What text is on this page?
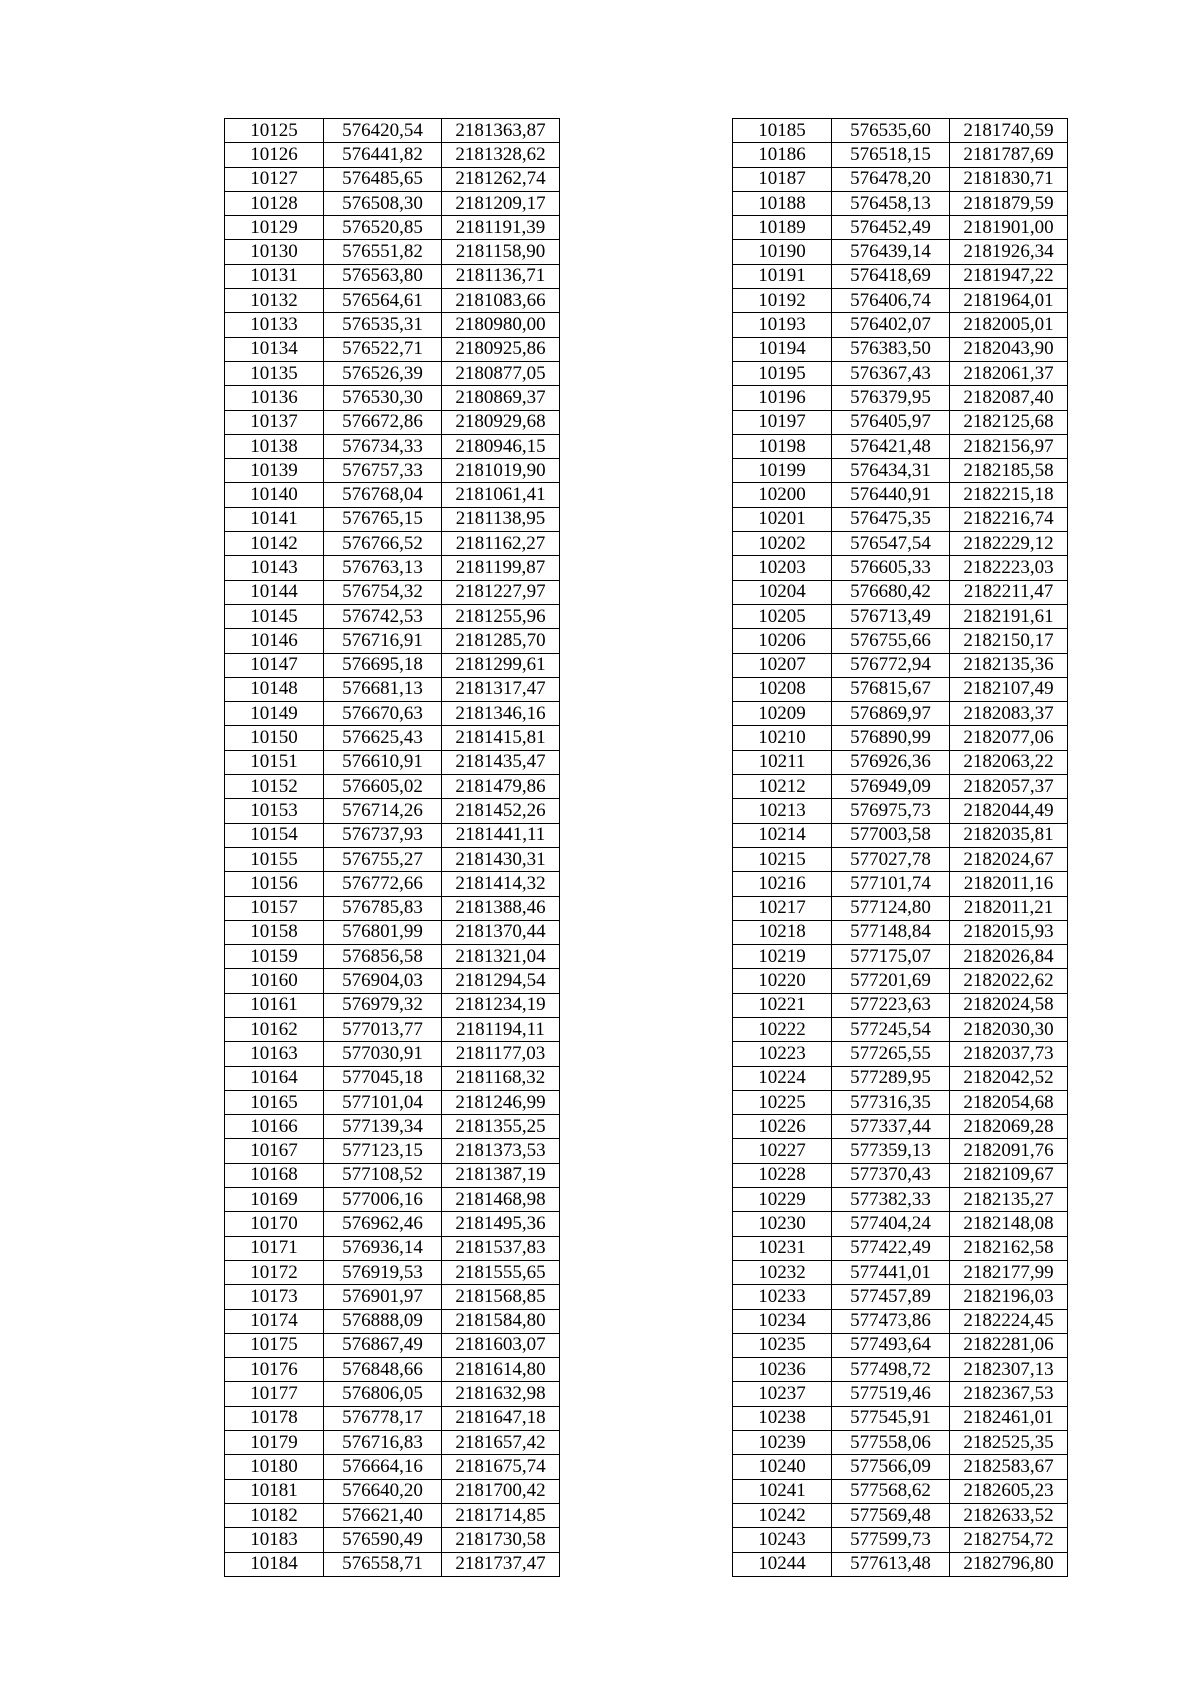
10125	576420,54	2181363,87
10126	576441,82	2181328,62
10127	576485,65	2181262,74
10128	576508,30	2181209,17
10129	576520,85	2181191,39
10130	576551,82	2181158,90
10131	576563,80	2181136,71
10132	576564,61	2181083,66
10133	576535,31	2180980,00
10134	576522,71	2180925,86
10135	576526,39	2180877,05
10136	576530,30	2180869,37
10137	576672,86	2180929,68
10138	576734,33	2180946,15
10139	576757,33	2181019,90
10140	576768,04	2181061,41
10141	576765,15	2181138,95
10142	576766,52	2181162,27
10143	576763,13	2181199,87
10144	576754,32	2181227,97
10145	576742,53	2181255,96
10146	576716,91	2181285,70
10147	576695,18	2181299,61
10148	576681,13	2181317,47
10149	576670,63	2181346,16
10150	576625,43	2181415,81
10151	576610,91	2181435,47
10152	576605,02	2181479,86
10153	576714,26	2181452,26
10154	576737,93	2181441,11
10155	576755,27	2181430,31
10156	576772,66	2181414,32
10157	576785,83	2181388,46
10158	576801,99	2181370,44
10159	576856,58	2181321,04
10160	576904,03	2181294,54
10161	576979,32	2181234,19
10162	577013,77	2181194,11
10163	577030,91	2181177,03
10164	577045,18	2181168,32
10165	577101,04	2181246,99
10166	577139,34	2181355,25
10167	577123,15	2181373,53
10168	577108,52	2181387,19
10169	577006,16	2181468,98
10170	576962,46	2181495,36
10171	576936,14	2181537,83
10172	576919,53	2181555,65
10173	576901,97	2181568,85
10174	576888,09	2181584,80
10175	576867,49	2181603,07
10176	576848,66	2181614,80
10177	576806,05	2181632,98
10178	576778,17	2181647,18
10179	576716,83	2181657,42
10180	576664,16	2181675,74
10181	576640,20	2181700,42
10182	576621,40	2181714,85
10183	576590,49	2181730,58
10184	576558,71	2181737,47
10185	576535,60	2181740,59
10186	576518,15	2181787,69
10187	576478,20	2181830,71
10188	576458,13	2181879,59
10189	576452,49	2181901,00
10190	576439,14	2181926,34
10191	576418,69	2181947,22
10192	576406,74	2181964,01
10193	576402,07	2182005,01
10194	576383,50	2182043,90
10195	576367,43	2182061,37
10196	576379,95	2182087,40
10197	576405,97	2182125,68
10198	576421,48	2182156,97
10199	576434,31	2182185,58
10200	576440,91	2182215,18
10201	576475,35	2182216,74
10202	576547,54	2182229,12
10203	576605,33	2182223,03
10204	576680,42	2182211,47
10205	576713,49	2182191,61
10206	576755,66	2182150,17
10207	576772,94	2182135,36
10208	576815,67	2182107,49
10209	576869,97	2182083,37
10210	576890,99	2182077,06
10211	576926,36	2182063,22
10212	576949,09	2182057,37
10213	576975,73	2182044,49
10214	577003,58	2182035,81
10215	577027,78	2182024,67
10216	577101,74	2182011,16
10217	577124,80	2182011,21
10218	577148,84	2182015,93
10219	577175,07	2182026,84
10220	577201,69	2182022,62
10221	577223,63	2182024,58
10222	577245,54	2182030,30
10223	577265,55	2182037,73
10224	577289,95	2182042,52
10225	577316,35	2182054,68
10226	577337,44	2182069,28
10227	577359,13	2182091,76
10228	577370,43	2182109,67
10229	577382,33	2182135,27
10230	577404,24	2182148,08
10231	577422,49	2182162,58
10232	577441,01	2182177,99
10233	577457,89	2182196,03
10234	577473,86	2182224,45
10235	577493,64	2182281,06
10236	577498,72	2182307,13
10237	577519,46	2182367,53
10238	577545,91	2182461,01
10239	577558,06	2182525,35
10240	577566,09	2182583,67
10241	577568,62	2182605,23
10242	577569,48	2182633,52
10243	577599,73	2182754,72
10244	577613,48	2182796,80
